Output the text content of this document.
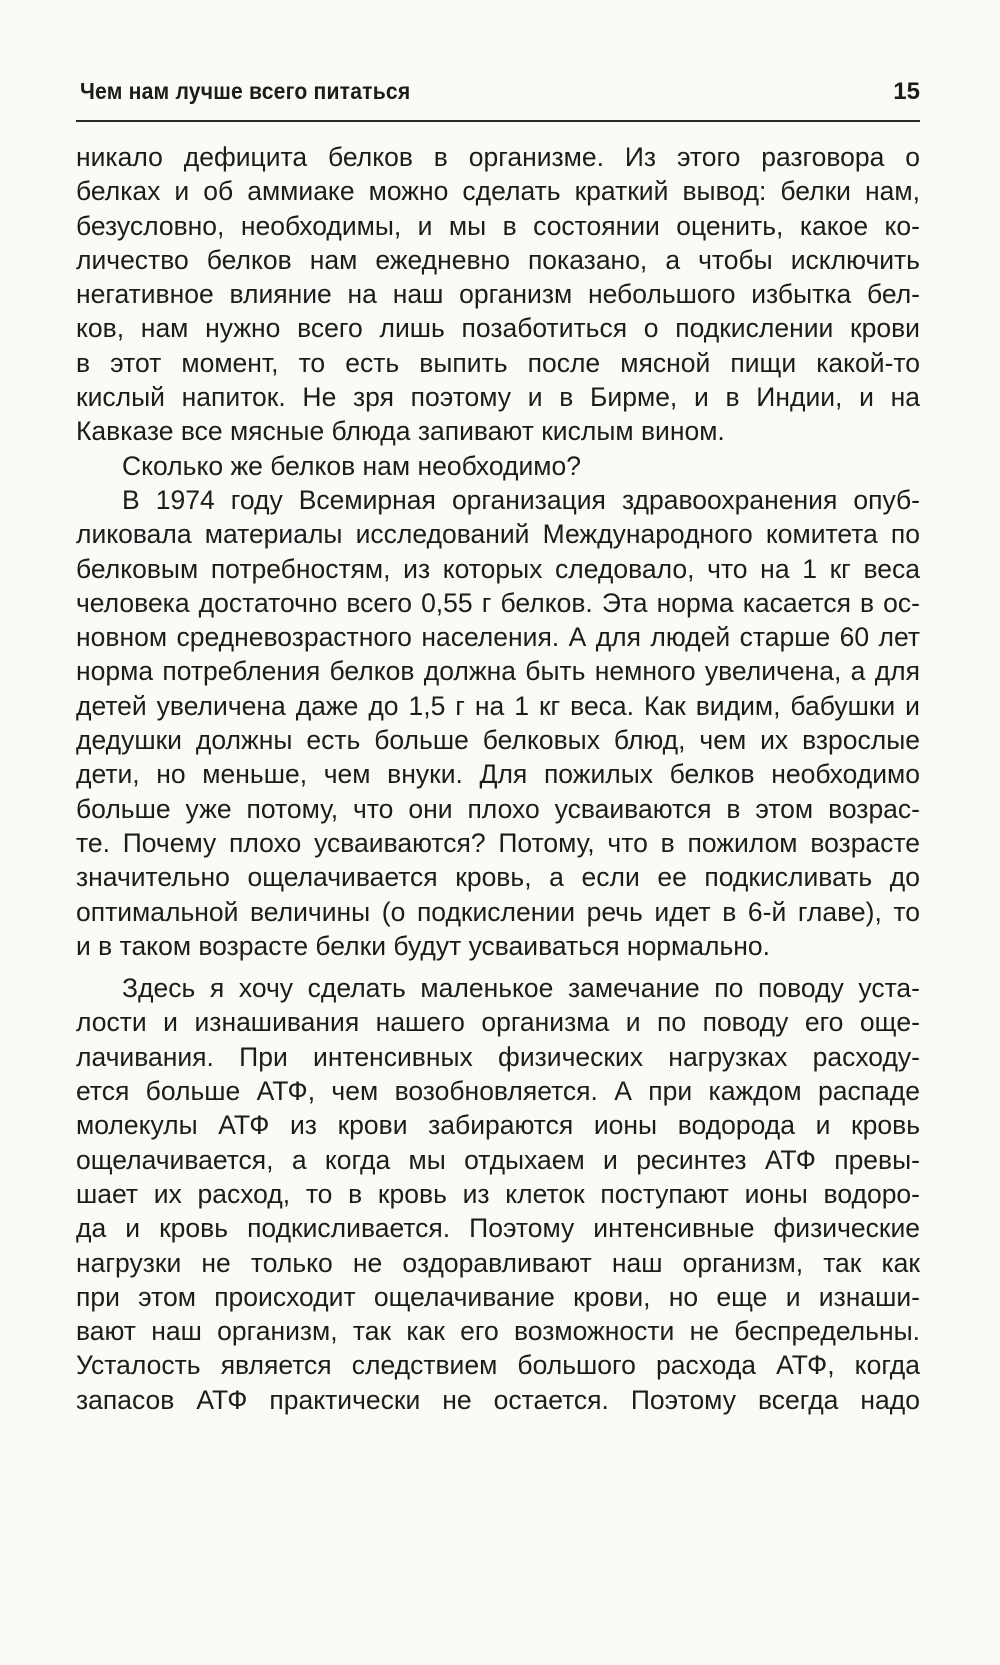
Чем нам лучше всего питаться	15
никало дефицита белков в организме. Из этого разговора о
белках и об аммиаке можно сделать краткий вывод: белки нам,
безусловно, необходимы, и мы в состоянии оценить, какое ко-
личество белков нам ежедневно показано, а чтобы исключить
негативное влияние на наш организм небольшого избытка бел-
ков, нам нужно всего лишь позаботиться о подкислении крови
в этот момент, то есть выпить после мясной пищи какой-то
кислый напиток. Не зря поэтому и в Бирме, и в Индии, и на
Кавказе все мясные блюда запивают кислым вином.
Сколько же белков нам необходимо?
В 1974 году Всемирная организация здравоохранения опуб-
ликовала материалы исследований Международного комитета по
белковым потребностям, из которых следовало, что на 1 кг веса
человека достаточно всего 0,55 г белков. Эта норма касается в ос-
новном средневозрастного населения. А для людей старше 60 лет
норма потребления белков должна быть немного увеличена, а для
детей увеличена даже до 1,5 г на 1 кг веса. Как видим, бабушки и
дедушки должны есть больше белковых блюд, чем их взрослые
дети, но меньше, чем внуки. Для пожилых белков необходимо
больше уже потому, что они плохо усваиваются в этом возрас-
те. Почему плохо усваиваются? Потому, что в пожилом возрасте
значительно ощелачивается кровь, а если ее подкисливать до
оптимальной величины (о подкислении речь идет в 6-й главе), то
и в таком возрасте белки будут усваиваться нормально.
Здесь я хочу сделать маленькое замечание по поводу уста-
лости и изнашивания нашего организма и по поводу его ощe-
лачивания. При интенсивных физических нагрузках расходу-
ется больше АТФ, чем возобновляется. А при каждом распаде
молекулы АТФ из крови забираются ионы водорода и кровь
ощелачивается, а когда мы отдыхаем и ресинтез АТФ превы-
шает их расход, то в кровь из клеток поступают ионы водоро-
да и кровь подкисливается. Поэтому интенсивные физические
нагрузки не только не оздоравливают наш организм, так как
при этом происходит ощелачивание крови, но еще и изнаши-
вают наш организм, так как его возможности не беспредельны.
Усталость является следствием большого расхода АТФ, когда
запасов АТФ практически не остается. Поэтому всегда надо
